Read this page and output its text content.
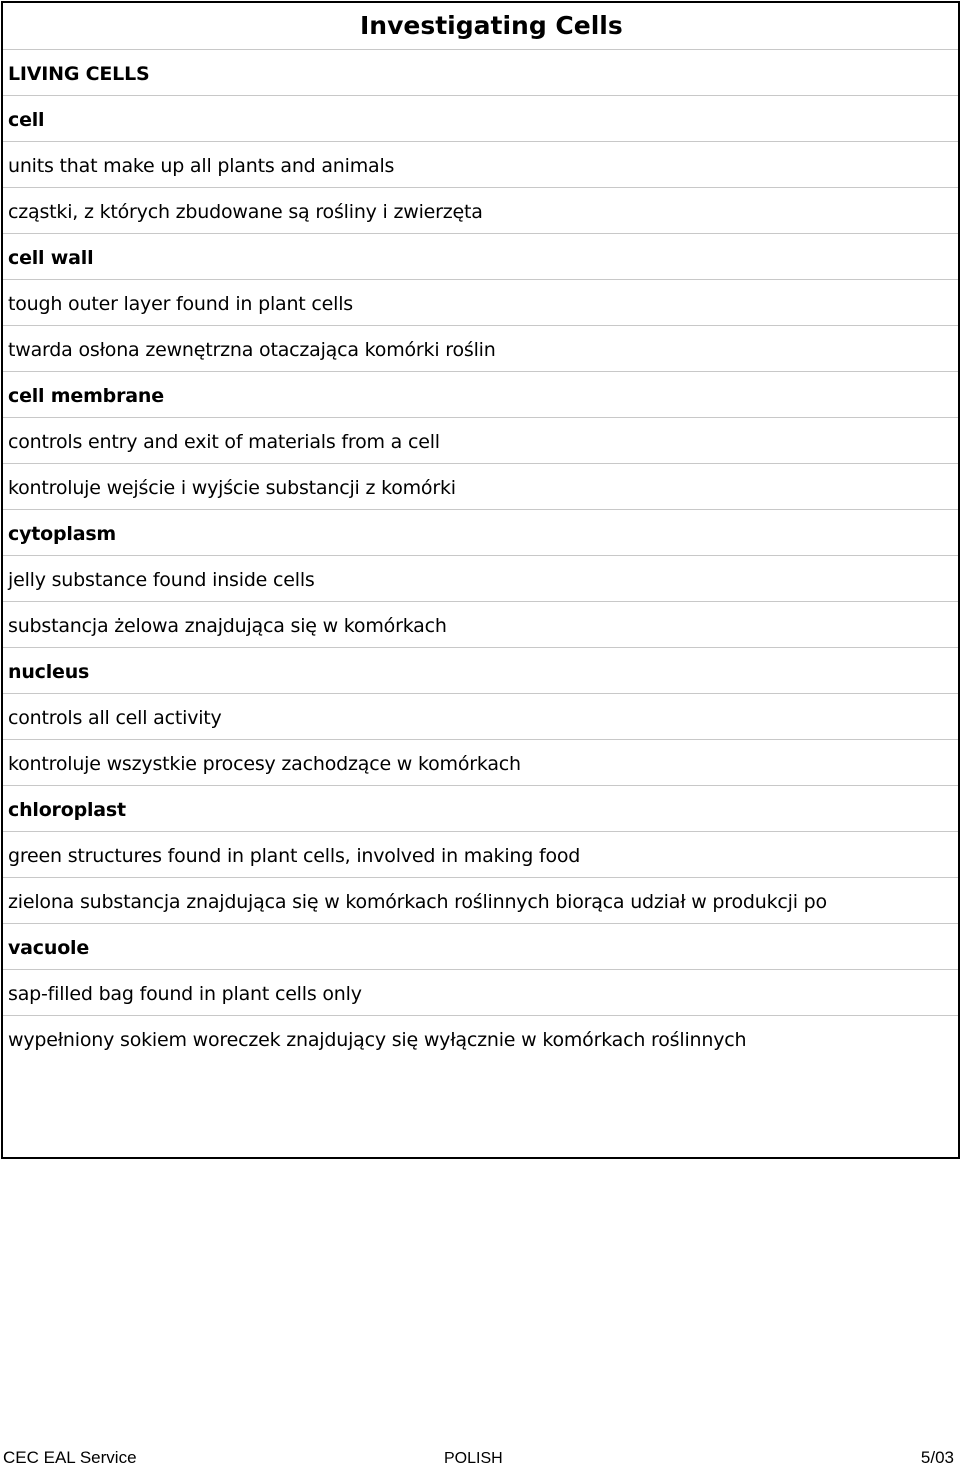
Investigating Cells
LIVING CELLS
cell
units that make up all plants and animals
cząstki, z których zbudowane są rośliny i zwierzęta
cell wall
tough outer layer found in plant cells
twarda osłona zewnętrzna otaczająca komórki roślin
cell membrane
controls entry and exit of materials from a cell
kontroluje wejście i wyjście substancji z komórki
cytoplasm
jelly substance found inside cells
substancja żelowa znajdująca się w komórkach
nucleus
controls all cell activity
kontroluje wszystkie procesy zachodzące w komórkach
chloroplast
green structures found in plant cells, involved in making food
zielona substancja znajdująca się w komórkach roślinnych biorąca udział w produkcji po
vacuole
sap-filled bag found in plant cells only
wypełniony sokiem woreczek znajdujący się wyłącznie w komórkach roślinnych
CEC EAL Service	POLISH	5/03
